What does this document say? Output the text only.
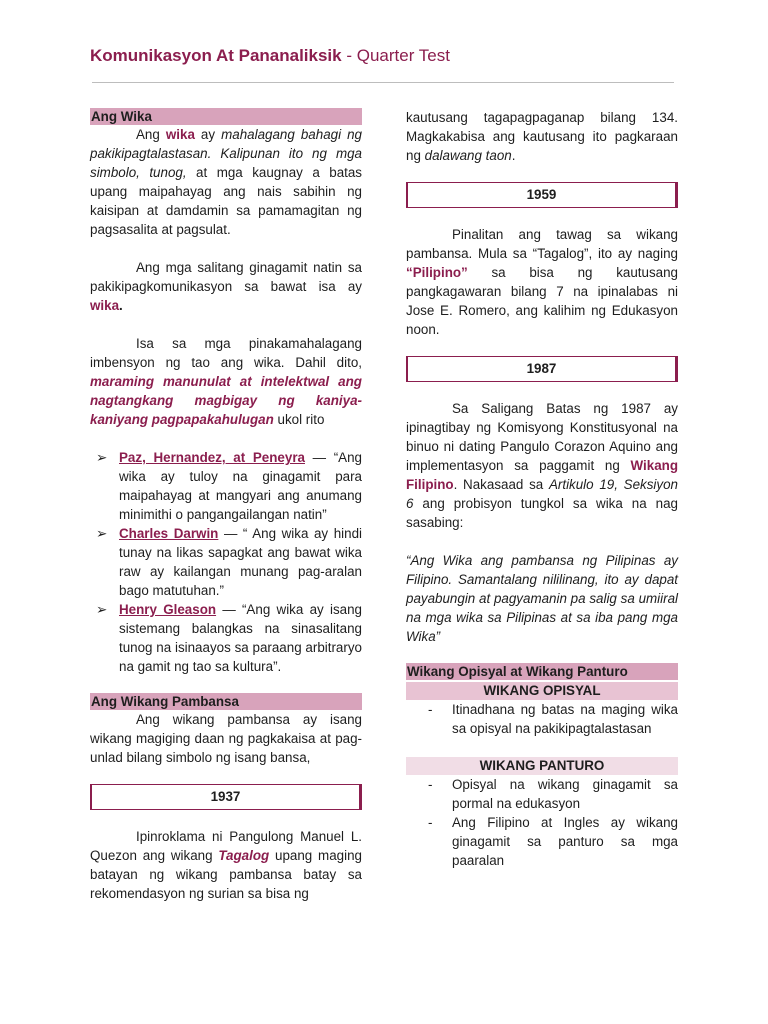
Komunikasyon At Pananaliksik - Quarter Test
Ang Wika

Ang wika ay mahalagang bahagi ng pakikipagtalastasan. Kalipunan ito ng mga simbolo, tunog, at mga kaugnay a batas upang maipahayag ang nais sabihin ng kaisipan at damdamin sa pamamagitan ng pagsasalita at pagsulat.

Ang mga salitang ginagamit natin sa pakikipagkomunikasyon sa bawat isa ay wika.

Isa sa mga pinakamahalagang imbensyon ng tao ang wika. Dahil dito, maraming manunulat at intelektwal ang nagtangkang magbigay ng kaniya-kaniyang pagpapakahulugan ukol rito

➢ Paz, Hernandez, at Peneyra — “Ang wika ay tuloy na ginagamit para maipahayag at mangyari ang anumang minimithi o pangangailangan natin”
➢ Charles Darwin — “ Ang wika ay hindi tunay na likas sapagkat ang bawat wika raw ay kailangan munang pag-aralan bago matutuhan.”
➢ Henry Gleason — “Ang wika ay isang sistemang balangkas na sinasalitang tunog na isinaayos sa paraang arbitraryo na gamit ng tao sa kultura”.
Ang Wikang Pambansa

Ang wikang pambansa ay isang wikang magiging daan ng pagkakaisa at pag-unlad bilang simbolo ng isang bansa,

1937

Ipinroklama ni Pangulong Manuel L. Quezon ang wikang Tagalog upang maging batayan ng wikang pambansa batay sa rekomendasyon ng surian sa bisa ng

kautusang tagapagpaganap bilang 134. Magkakabisa ang kautusang ito pagkaraan ng dalawang taon.

1959

Pinalitan ang tawag sa wikang pambansa. Mula sa “Tagalog”, ito ay naging “Pilipino” sa bisa ng kautusang pangkagawaran bilang 7 na ipinalabas ni Jose E. Romero, ang kalihim ng Edukasyon noon.

1987

Sa Saligang Batas ng 1987 ay ipinagtibay ng Komisyong Konstitusyonal na binuo ni dating Pangulo Corazon Aquino ang implementasyon sa paggamit ng Wikang Filipino. Nakasaad sa Artikulo 19, Seksiyon 6 ang probisyon tungkol sa wika na nag sasabing:

“Ang Wika ang pambansa ng Pilipinas ay Filipino. Samantalang nililinang, ito ay dapat payabungin at pagyamanin pa salig sa umiiral na mga wika sa Pilipinas at sa iba pang mga Wika”

Wikang Opisyal at Wikang Panturo
WIKANG OPISYAL
- Itinadhana ng batas na maging wika sa opisyal na pakikipagtalastasan
WIKANG PANTURO
- Opisyal na wikang ginagamit sa pormal na edukasyon
- Ang Filipino at Ingles ay wikang ginagamit sa panturo sa mga paaralan
